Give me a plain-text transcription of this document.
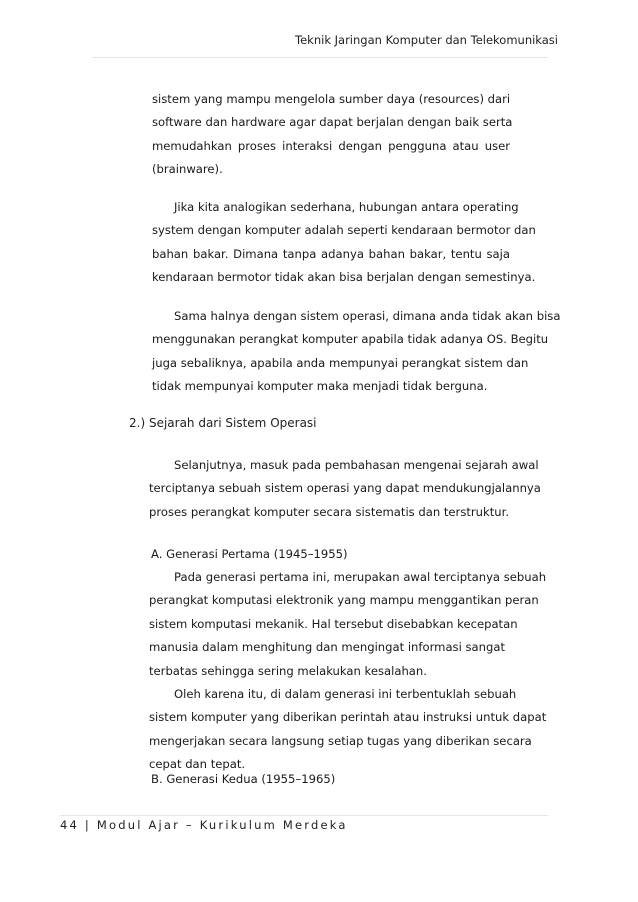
Teknik Jaringan Komputer dan Telekomunikasi
sistem yang mampu mengelola sumber daya (resources) dari
software dan hardware agar dapat berjalan dengan baik serta
memudahkan proses interaksi dengan pengguna atau user
(brainware).
Jika kita analogikan sederhana, hubungan antara operating
system dengan komputer adalah seperti kendaraan bermotor dan
bahan bakar. Dimana tanpa adanya bahan bakar, tentu saja
kendaraan bermotor tidak akan bisa berjalan dengan semestinya.
Sama halnya dengan sistem operasi, dimana anda tidak akan bisa
menggunakan perangkat komputer apabila tidak adanya OS. Begitu
juga sebaliknya, apabila anda mempunyai perangkat sistem dan
tidak mempunyai komputer maka menjadi tidak berguna.
2.) Sejarah dari Sistem Operasi
Selanjutnya, masuk pada pembahasan mengenai sejarah awal
terciptanya sebuah sistem operasi yang dapat mendukungjalannya
proses perangkat komputer secara sistematis dan terstruktur.
A. Generasi Pertama (1945–1955)
Pada generasi pertama ini, merupakan awal terciptanya sebuah
perangkat komputasi elektronik yang mampu menggantikan peran
sistem komputasi mekanik. Hal tersebut disebabkan kecepatan
manusia dalam menghitung dan mengingat informasi sangat
terbatas sehingga sering melakukan kesalahan.
Oleh karena itu, di dalam generasi ini terbentuklah sebuah
sistem komputer yang diberikan perintah atau instruksi untuk dapat
mengerjakan secara langsung setiap tugas yang diberikan secara
cepat dan tepat.
B. Generasi Kedua (1955–1965)
44 | Modul Ajar – Kurikulum Merdeka
